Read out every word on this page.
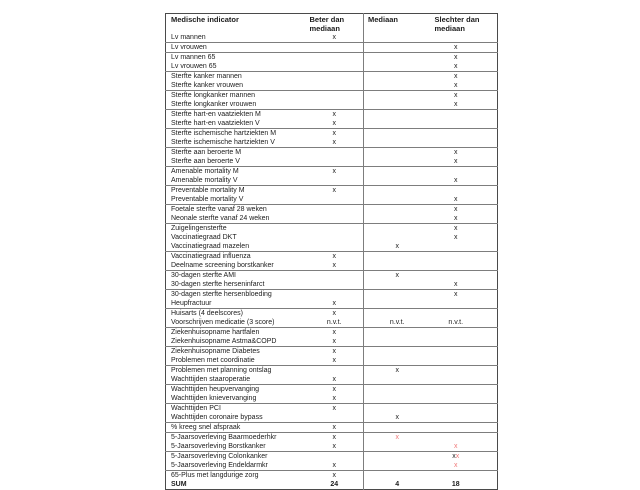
Medische indicator	Beter dan mediaan	Mediaan	Slechter dan mediaan
Lv mannen	x		
Lv vrouwen			x
Lv mannen 65			x
Lv vrouwen 65			x
Sterfte kanker mannen			x
Sterfte kanker vrouwen			x
Sterfte longkanker mannen			x
Sterfte longkanker vrouwen			x
Sterfte hart-en vaatziekten M	x		
Sterfte hart-en vaatziekten V	x		
Sterfte ischemische hartziekten M	x		
Sterfte ischemische hartziekten V	x		
Sterfte aan beroerte M			x
Sterfte aan beroerte V			x
Amenable mortality M	x		
Amenable mortality V			x
Preventable mortality M	x		
Preventable mortality V			x
Foetale sterfte vanaf 28 weken			x
Neonale sterfte vanaf 24 weken			x
Zuigelingensterfte			x
Vaccinatiegraad DKT			x
Vaccinatiegraad mazelen		x	
Vaccinatiegraad influenza	x		
Deelname screening borstkanker	x		
30-dagen sterfte AMI		x	
30-dagen sterfte herseninfarct			x
30-dagen sterfte hersenbloeding			x
Heupfractuur	x		
Huisarts (4 deelscores)	x		
Voorschrijven medicatie (3 score)	n.v.t.	n.v.t.	n.v.t.
Ziekenhuisopname hartfalen	x		
Ziekenhuisopname Astma&COPD	x		
Ziekenhuisopname Diabetes	x		
Problemen met coordinatie	x		
Problemen met planning ontslag		x	
Wachttijden staaroperatie	x		
Wachttijden heupvervanging	x		
Wachttijden knievervanging	x		
Wachttijden PCI	x		
Wachttijden coronaire bypass		x	
% kreeg snel afspraak	x		
5-Jaarsoverleving Baarmoederhkr	x	x	
5-Jaarsoverleving Borstkanker	x		x
5-Jaarsoverleving Colonkanker			xx
5-Jaarsoverleving Endeldarmkr	x		x
65-Plus met langdurige zorg	x		
SUM	24	4	18
